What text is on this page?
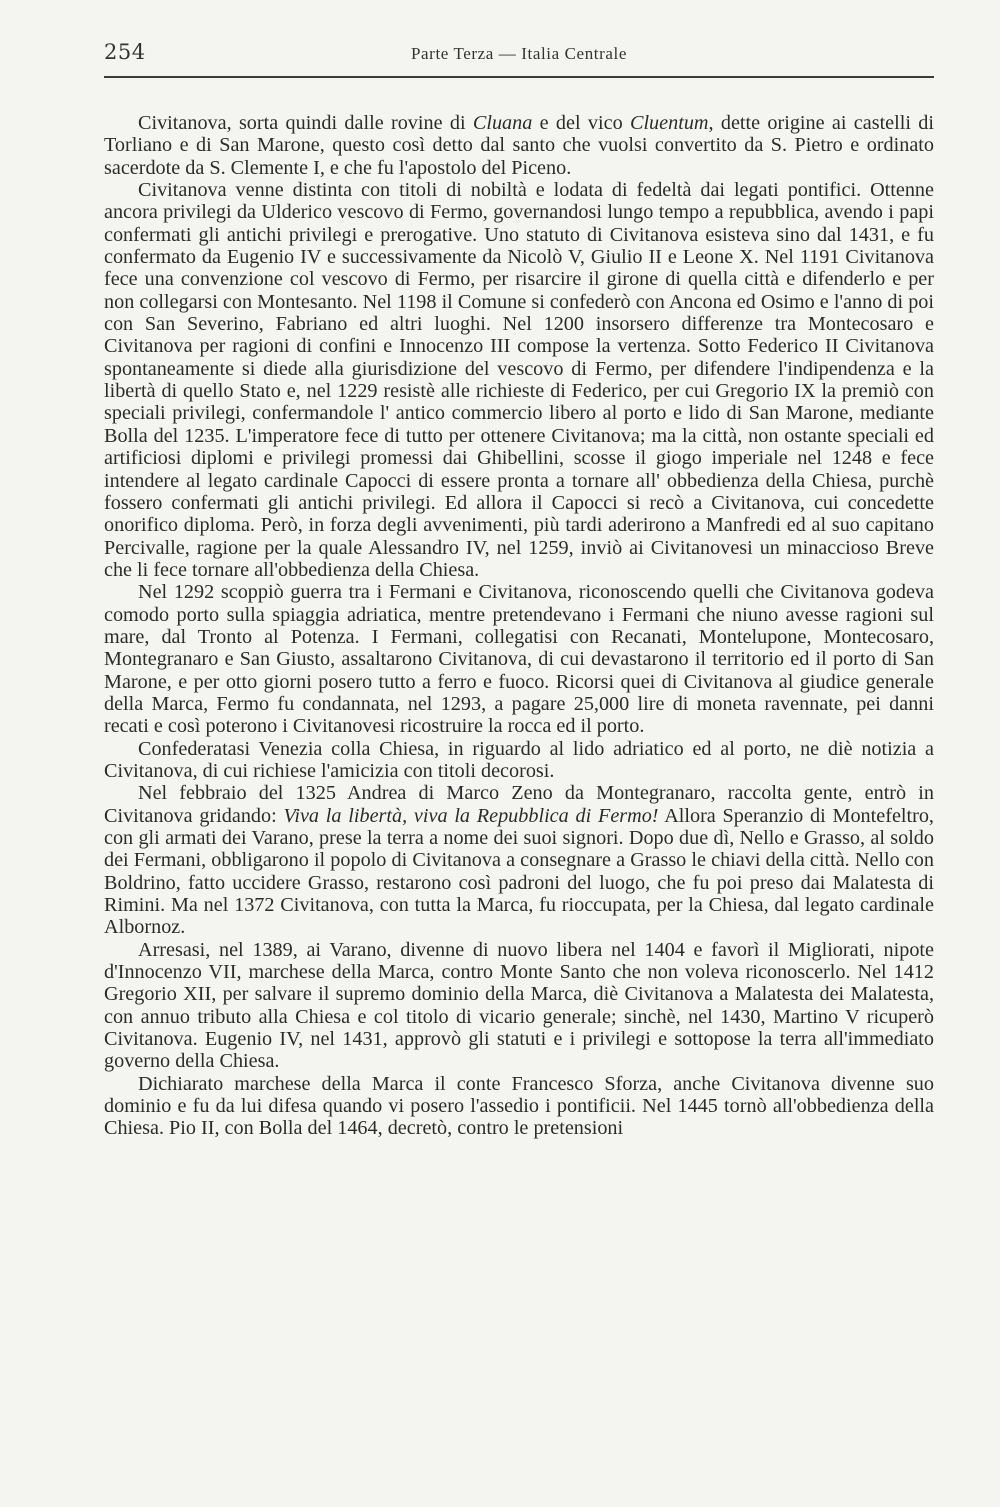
254	Parte Terza — Italia Centrale

Civitanova, sorta quindi dalle rovine di Cluana e del vico Cluentum, dette origine ai castelli di Torliano e di San Marone, questo così detto dal santo che vuolsi convertito da S. Pietro e ordinato sacerdote da S. Clemente I, e che fu l'apostolo del Piceno.

Civitanova venne distinta con titoli di nobiltà e lodata di fedeltà dai legati pontifici. Ottenne ancora privilegi da Ulderico vescovo di Fermo, governandosi lungo tempo a repubblica, avendo i papi confermati gli antichi privilegi e prerogative. Uno statuto di Civitanova esisteva sino dal 1431, e fu confermato da Eugenio IV e successivamente da Nicolò V, Giulio II e Leone X. Nel 1191 Civitanova fece una convenzione col vescovo di Fermo, per risarcire il girone di quella città e difenderlo e per non collegarsi con Montesanto. Nel 1198 il Comune si confederò con Ancona ed Osimo e l'anno di poi con San Severino, Fabriano ed altri luoghi. Nel 1200 insorsero differenze tra Montecosaro e Civitanova per ragioni di confini e Innocenzo III compose la vertenza. Sotto Federico II Civitanova spontaneamente si diede alla giurisdizione del vescovo di Fermo, per difendere l'indipendenza e la libertà di quello Stato e, nel 1229 resistè alle richieste di Federico, per cui Gregorio IX la premiò con speciali privilegi, confermandole l' antico commercio libero al porto e lido di San Marone, mediante Bolla del 1235. L'imperatore fece di tutto per ottenere Civitanova; ma la città, non ostante speciali ed artificiosi diplomi e privilegi promessi dai Ghibellini, scosse il giogo imperiale nel 1248 e fece intendere al legato cardinale Capocci di essere pronta a tornare all' obbedienza della Chiesa, purchè fossero confermati gli antichi privilegi. Ed allora il Capocci si recò a Civitanova, cui concedette onorifico diploma. Però, in forza degli avvenimenti, più tardi aderirono a Manfredi ed al suo capitano Percivalle, ragione per la quale Alessandro IV, nel 1259, inviò ai Civitanovesi un minaccioso Breve che li fece tornare all'obbedienza della Chiesa.

Nel 1292 scoppiò guerra tra i Fermani e Civitanova, riconoscendo quelli che Civitanova godeva comodo porto sulla spiaggia adriatica, mentre pretendevano i Fermani che niuno avesse ragioni sul mare, dal Tronto al Potenza. I Fermani, collegatisi con Recanati, Montelupone, Montecosaro, Montegranaro e San Giusto, assaltarono Civitanova, di cui devastarono il territorio ed il porto di San Marone, e per otto giorni posero tutto a ferro e fuoco. Ricorsi quei di Civitanova al giudice generale della Marca, Fermo fu condannata, nel 1293, a pagare 25,000 lire di moneta ravennate, pei danni recati e così poterono i Civitanovesi ricostruire la rocca ed il porto.

Confederatasi Venezia colla Chiesa, in riguardo al lido adriatico ed al porto, ne diè notizia a Civitanova, di cui richiese l'amicizia con titoli decorosi.

Nel febbraio del 1325 Andrea di Marco Zeno da Montegranaro, raccolta gente, entrò in Civitanova gridando: Viva la libertà, viva la Repubblica di Fermo! Allora Speranzio di Montefeltro, con gli armati dei Varano, prese la terra a nome dei suoi signori. Dopo due dì, Nello e Grasso, al soldo dei Fermani, obbligarono il popolo di Civitanova a consegnare a Grasso le chiavi della città. Nello con Boldrino, fatto uccidere Grasso, restarono così padroni del luogo, che fu poi preso dai Malatesta di Rimini. Ma nel 1372 Civitanova, con tutta la Marca, fu rioccupata, per la Chiesa, dal legato cardinale Albornoz.

Arresasi, nel 1389, ai Varano, divenne di nuovo libera nel 1404 e favorì il Migliorati, nipote d'Innocenzo VII, marchese della Marca, contro Monte Santo che non voleva riconoscerlo. Nel 1412 Gregorio XII, per salvare il supremo dominio della Marca, diè Civitanova a Malatesta dei Malatesta, con annuo tributo alla Chiesa e col titolo di vicario generale; sinchè, nel 1430, Martino V ricuperò Civitanova. Eugenio IV, nel 1431, approvò gli statuti e i privilegi e sottopose la terra all'immediato governo della Chiesa.

Dichiarato marchese della Marca il conte Francesco Sforza, anche Civitanova divenne suo dominio e fu da lui difesa quando vi posero l'assedio i pontificii. Nel 1445 tornò all'obbedienza della Chiesa. Pio II, con Bolla del 1464, decretò, contro le pretensioni
